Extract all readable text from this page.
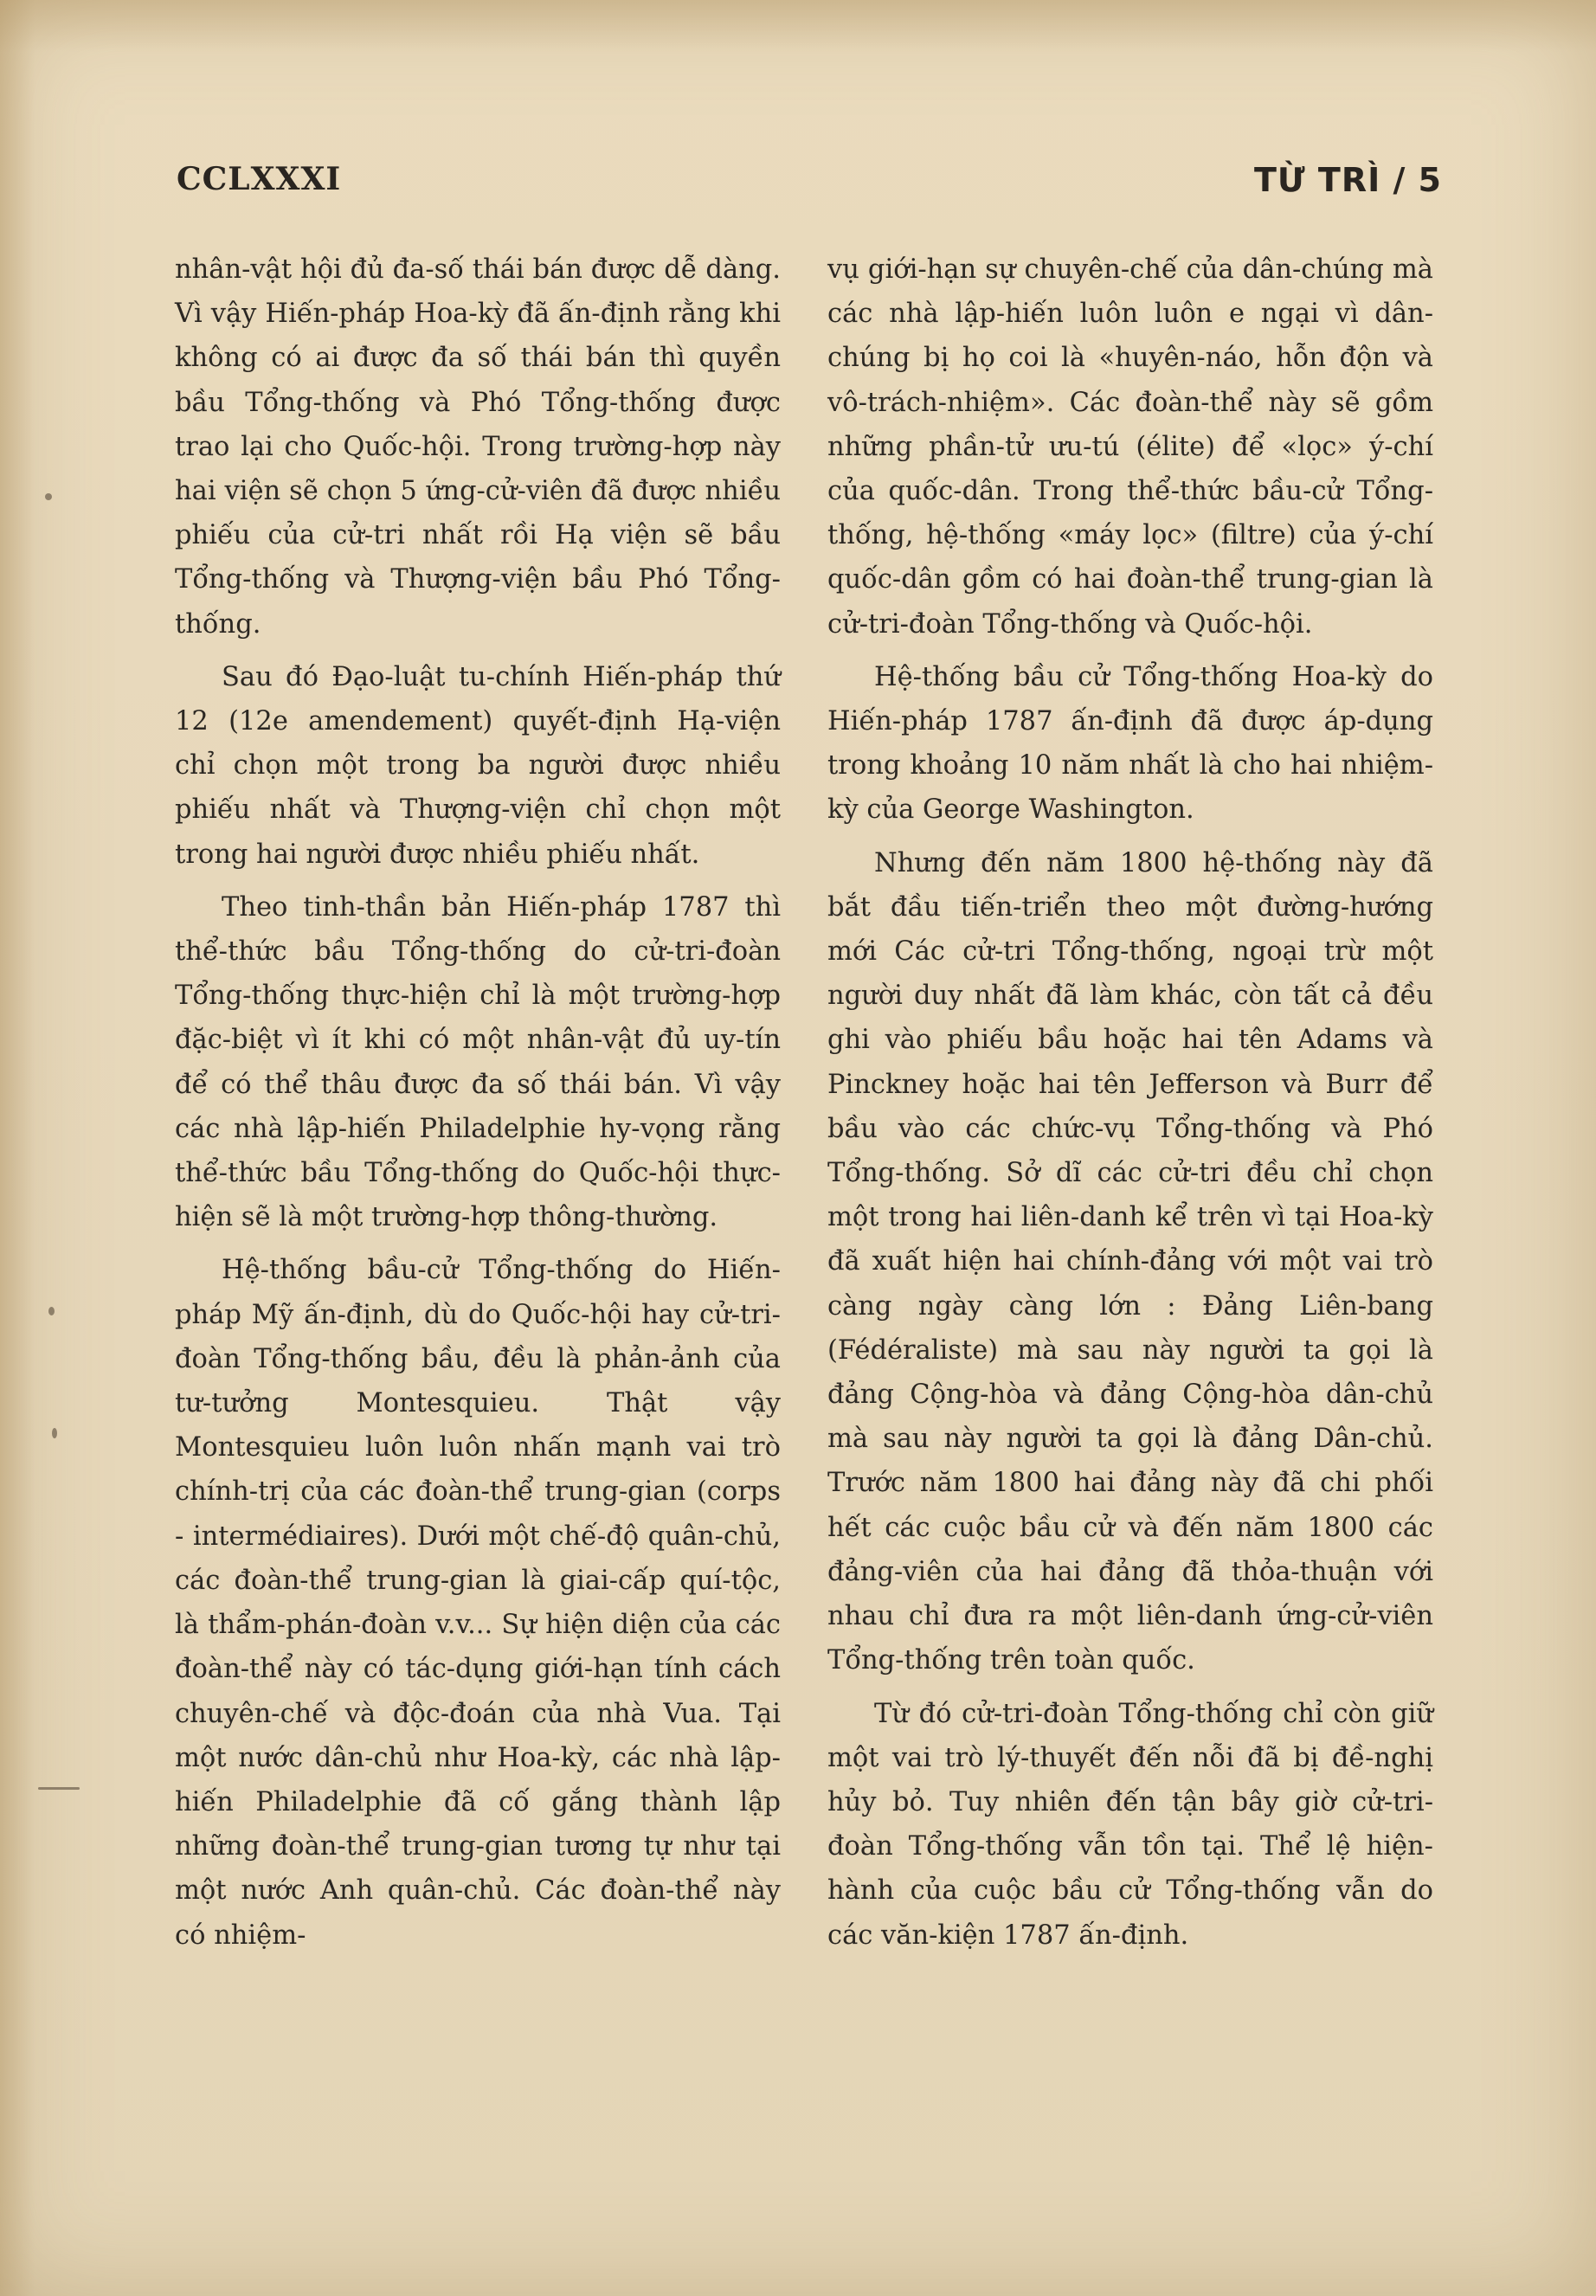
CCLXXXI	TỪ TRÌ / 5

nhân-vật hội đủ đa-số thái bán được dễ dàng. Vì vậy Hiến-pháp Hoa-kỳ đã ấn-định rằng khi không có ai được đa số thái bán thì quyền bầu Tổng-thống và Phó Tổng-thống được trao lại cho Quốc-hội. Trong trường-hợp này hai viện sẽ chọn 5 ứng-cử-viên đã được nhiều phiếu của cử-tri nhất rồi Hạ viện sẽ bầu Tổng-thống và Thượng-viện bầu Phó Tổng-thống.

Sau đó Đạo-luật tu-chính Hiến-pháp thứ 12 (12e amendement) quyết-định Hạ-viện chỉ chọn một trong ba người được nhiều phiếu nhất và Thượng-viện chỉ chọn một trong hai người được nhiều phiếu nhất.

Theo tinh-thần bản Hiến-pháp 1787 thì thể-thức bầu Tổng-thống do cử-tri-đoàn Tổng-thống thực-hiện chỉ là một trường-hợp đặc-biệt vì ít khi có một nhân-vật đủ uy-tín để có thể thâu được đa số thái bán. Vì vậy các nhà lập-hiến Philadelphie hy-vọng rằng thể-thức bầu Tổng-thống do Quốc-hội thực-hiện sẽ là một trường-hợp thông-thường.

Hệ-thống bầu-cử Tổng-thống do Hiến-pháp Mỹ ấn-định, dù do Quốc-hội hay cử-tri-đoàn Tổng-thống bầu, đều là phản-ảnh của tư-tưởng Montesquieu. Thật vậy Montesquieu luôn luôn nhấn mạnh vai trò chính-trị của các đoàn-thể trung-gian (corps - intermédiaires). Dưới một chế-độ quân-chủ, các đoàn-thể trung-gian là giai-cấp quí-tộc, là thẩm-phán-đoàn v.v... Sự hiện diện của các đoàn-thể này có tác-dụng giới-hạn tính cách chuyên-chế và độc-đoán của nhà Vua. Tại một nước dân-chủ như Hoa-kỳ, các nhà lập-hiến Philadelphie đã cố gắng thành lập những đoàn-thể trung-gian tương tự như tại một nước Anh quân-chủ. Các đoàn-thể này có nhiệm-

vụ giới-hạn sự chuyên-chế của dân-chúng mà các nhà lập-hiến luôn luôn e ngại vì dân-chúng bị họ coi là «huyên-náo, hỗn độn và vô-trách-nhiệm». Các đoàn-thể này sẽ gồm những phần-tử ưu-tú (élite) để «lọc» ý-chí của quốc-dân. Trong thể-thức bầu-cử Tổng-thống, hệ-thống «máy lọc» (filtre) của ý-chí quốc-dân gồm có hai đoàn-thể trung-gian là cử-tri-đoàn Tổng-thống và Quốc-hội.

Hệ-thống bầu cử Tổng-thống Hoa-kỳ do Hiến-pháp 1787 ấn-định đã được áp-dụng trong khoảng 10 năm nhất là cho hai nhiệm-kỳ của George Washington.

Nhưng đến năm 1800 hệ-thống này đã bắt đầu tiến-triển theo một đường-hướng mới Các cử-tri Tổng-thống, ngoại trừ một người duy nhất đã làm khác, còn tất cả đều ghi vào phiếu bầu hoặc hai tên Adams và Pinckney hoặc hai tên Jefferson và Burr để bầu vào các chức-vụ Tổng-thống và Phó Tổng-thống. Sở dĩ các cử-tri đều chỉ chọn một trong hai liên-danh kể trên vì tại Hoa-kỳ đã xuất hiện hai chính-đảng với một vai trò càng ngày càng lớn : Đảng Liên-bang (Fédéraliste) mà sau này người ta gọi là đảng Cộng-hòa và đảng Cộng-hòa dân-chủ mà sau này người ta gọi là đảng Dân-chủ. Trước năm 1800 hai đảng này đã chi phối hết các cuộc bầu cử và đến năm 1800 các đảng-viên của hai đảng đã thỏa-thuận với nhau chỉ đưa ra một liên-danh ứng-cử-viên Tổng-thống trên toàn quốc.

Từ đó cử-tri-đoàn Tổng-thống chỉ còn giữ một vai trò lý-thuyết đến nỗi đã bị đề-nghị hủy bỏ. Tuy nhiên đến tận bây giờ cử-tri-đoàn Tổng-thống vẫn tồn tại. Thể lệ hiện-hành của cuộc bầu cử Tổng-thống vẫn do các văn-kiện 1787 ấn-định.
